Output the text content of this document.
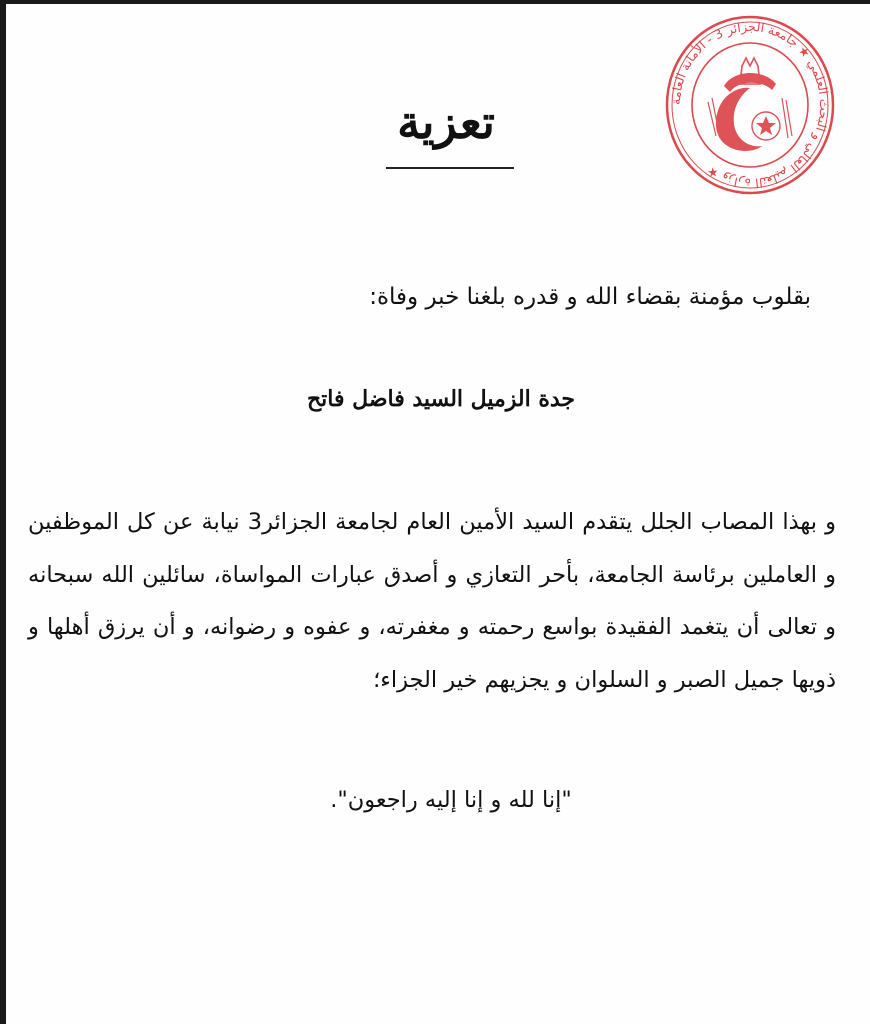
تعزية	وزارة التعليم العالي و البحث العلمي ★ جامعة الجزائر 3 - الأمانة العامة ★
بقلوب مؤمنة بقضاء الله و قدره بلغنا خبر وفاة:
جدة الزميل السيد فاضل فاتح
و بهذا المصاب الجلل يتقدم السيد الأمين العام لجامعة الجزائر3 نيابة عن كل الموظفين و العاملين برئاسة الجامعة، بأحر التعازي و أصدق عبارات المواساة، سائلين الله سبحانه و تعالى أن يتغمد الفقيدة بواسع رحمته و مغفرته، و عفوه و رضوانه، و أن يرزق أهلها و ذويها جميل الصبر و السلوان و يجزيهم خير الجزاء؛
"إنا لله و إنا إليه راجعون".
